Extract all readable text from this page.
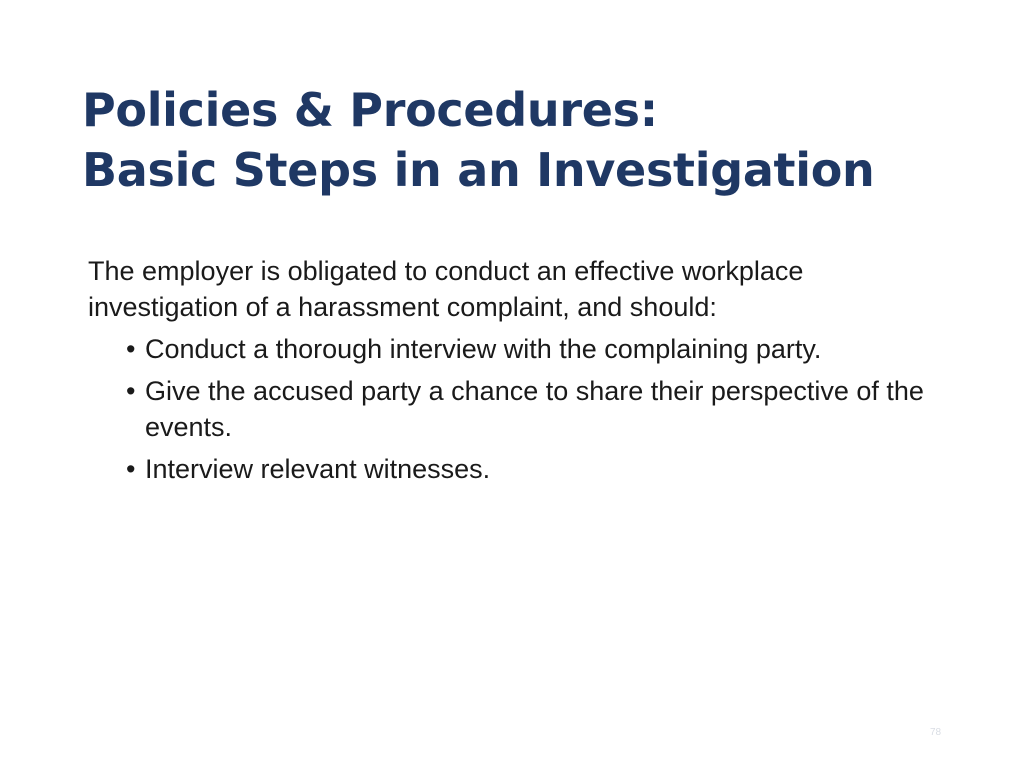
Policies & Procedures:
Basic Steps in an Investigation

The employer is obligated to conduct an effective workplace investigation of a harassment complaint, and should:

• Conduct a thorough interview with the complaining party.
• Give the accused party a chance to share their perspective of the events.
• Interview relevant witnesses.
78
